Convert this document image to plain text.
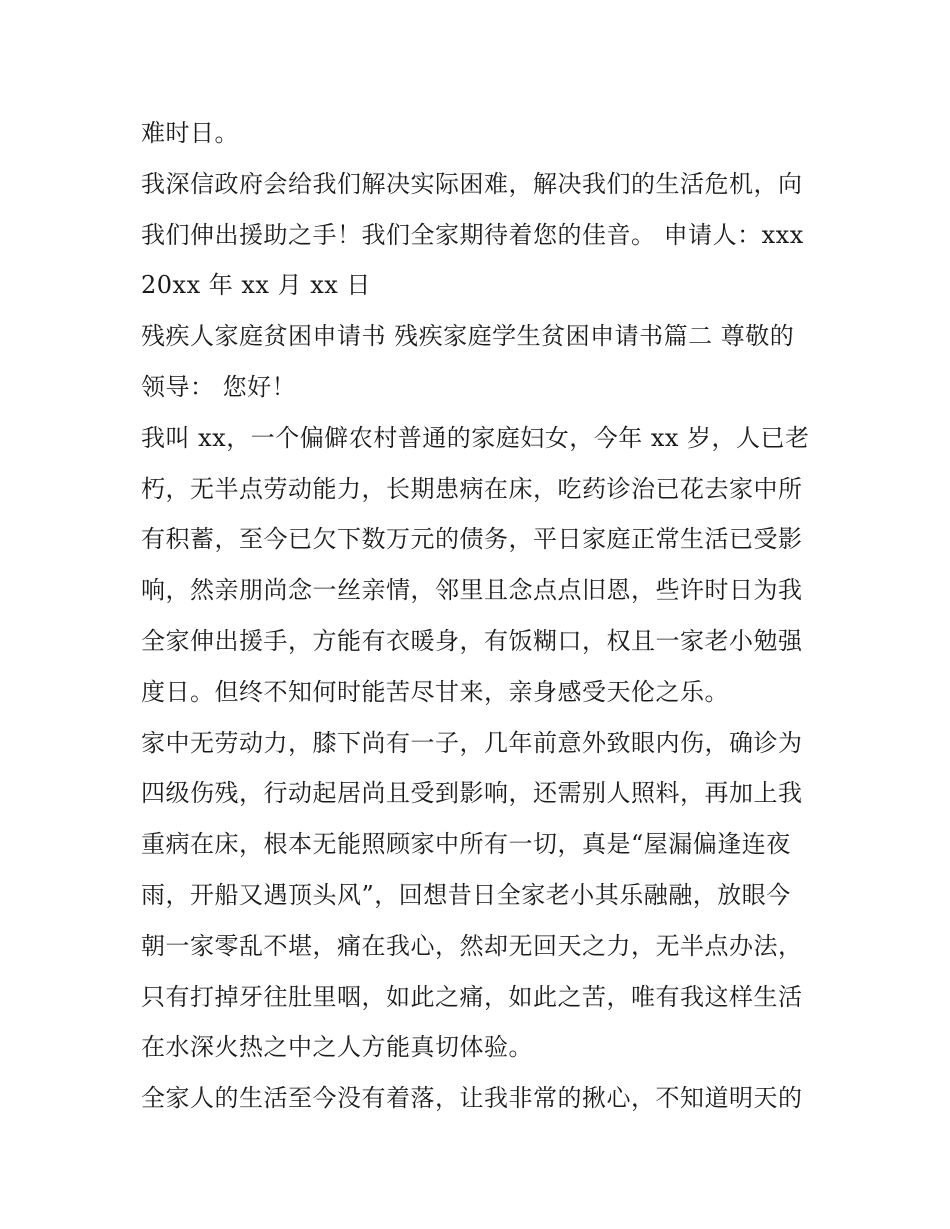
难时日。
我深信政府会给我们解决实际困难，解决我们的生活危机，向
我们伸出援助之手！我们全家期待着您的佳音。 申请人：xxx
20xx 年 xx 月 xx 日
残疾人家庭贫困申请书 残疾家庭学生贫困申请书篇二 尊敬的
领导： 您好！
我叫 xx，一个偏僻农村普通的家庭妇女，今年 xx 岁，人已老
朽，无半点劳动能力，长期患病在床，吃药诊治已花去家中所
有积蓄，至今已欠下数万元的债务，平日家庭正常生活已受影
响，然亲朋尚念一丝亲情，邻里且念点点旧恩，些许时日为我
全家伸出援手，方能有衣暖身，有饭糊口，权且一家老小勉强
度日。但终不知何时能苦尽甘来，亲身感受天伦之乐。
家中无劳动力，膝下尚有一子，几年前意外致眼内伤，确诊为
四级伤残，行动起居尚且受到影响，还需别人照料，再加上我
重病在床，根本无能照顾家中所有一切，真是“屋漏偏逢连夜
雨，开船又遇顶头风”，回想昔日全家老小其乐融融，放眼今
朝一家零乱不堪，痛在我心，然却无回天之力，无半点办法，
只有打掉牙往肚里咽，如此之痛，如此之苦，唯有我这样生活
在水深火热之中之人方能真切体验。
全家人的生活至今没有着落，让我非常的揪心，不知道明天的
